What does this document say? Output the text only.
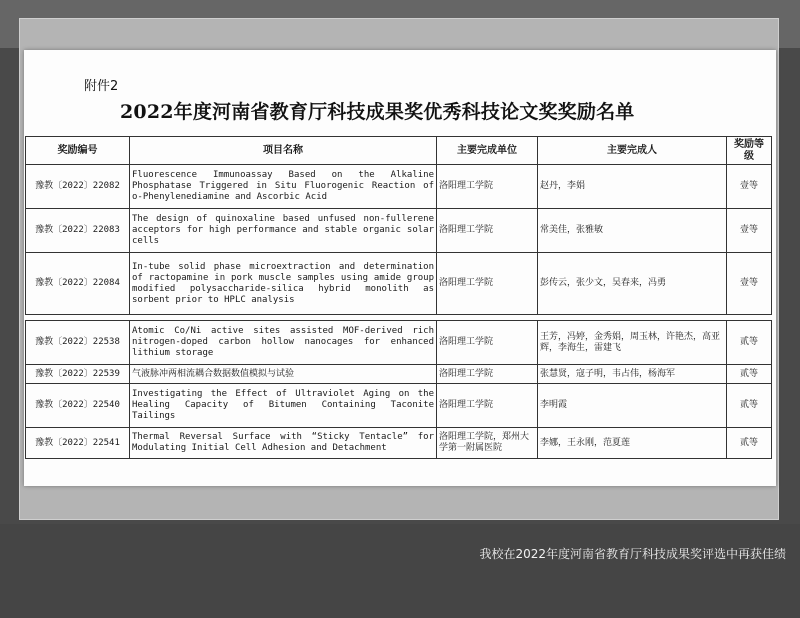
附件2
2022年度河南省教育厅科技成果奖优秀科技论文奖奖励名单
奖励编号	项目名称	主要完成单位	主要完成人	奖励等级
豫教〔2022〕22082	Fluorescence Immunoassay Based on the Alkaline Phosphatase Triggered in Situ Fluorogenic Reaction of o-Phenylenediamine and Ascorbic Acid	洛阳理工学院	赵丹，李娟	壹等
豫教〔2022〕22083	The design of quinoxaline based unfused non-fullerene acceptors for high performance and stable organic solar cells	洛阳理工学院	常美佳，张雅敏	壹等
豫教〔2022〕22084	In-tube solid phase microextraction and determination of ractopamine in pork muscle samples using amide group modified polysaccharide-silica hybrid monolith as sorbent prior to HPLC analysis	洛阳理工学院	彭传云，张少文，吴春来，冯勇	壹等

豫教〔2022〕22538	Atomic Co/Ni active sites assisted MOF-derived rich nitrogen-doped carbon hollow nanocages for enhanced lithium storage	洛阳理工学院	王芳，冯婷，金秀娟，周玉林，许艳杰，高亚辉，李海生，雷建飞	贰等
豫教〔2022〕22539	气液脉冲两相流耦合数据数值模拟与试验	洛阳理工学院	张慧贤，寇子明，韦占伟，杨海军	贰等
豫教〔2022〕22540	Investigating the Effect of Ultraviolet Aging on the Healing Capacity of Bitumen Containing Taconite Tailings	洛阳理工学院	李明霞	贰等
豫教〔2022〕22541	Thermal Reversal Surface with “Sticky Tentacle” for Modulating Initial Cell Adhesion and Detachment	洛阳理工学院，郑州大学第一附属医院	李娜，王永刚，范夏莲	贰等
我校在2022年度河南省教育厅科技成果奖评选中再获佳绩
